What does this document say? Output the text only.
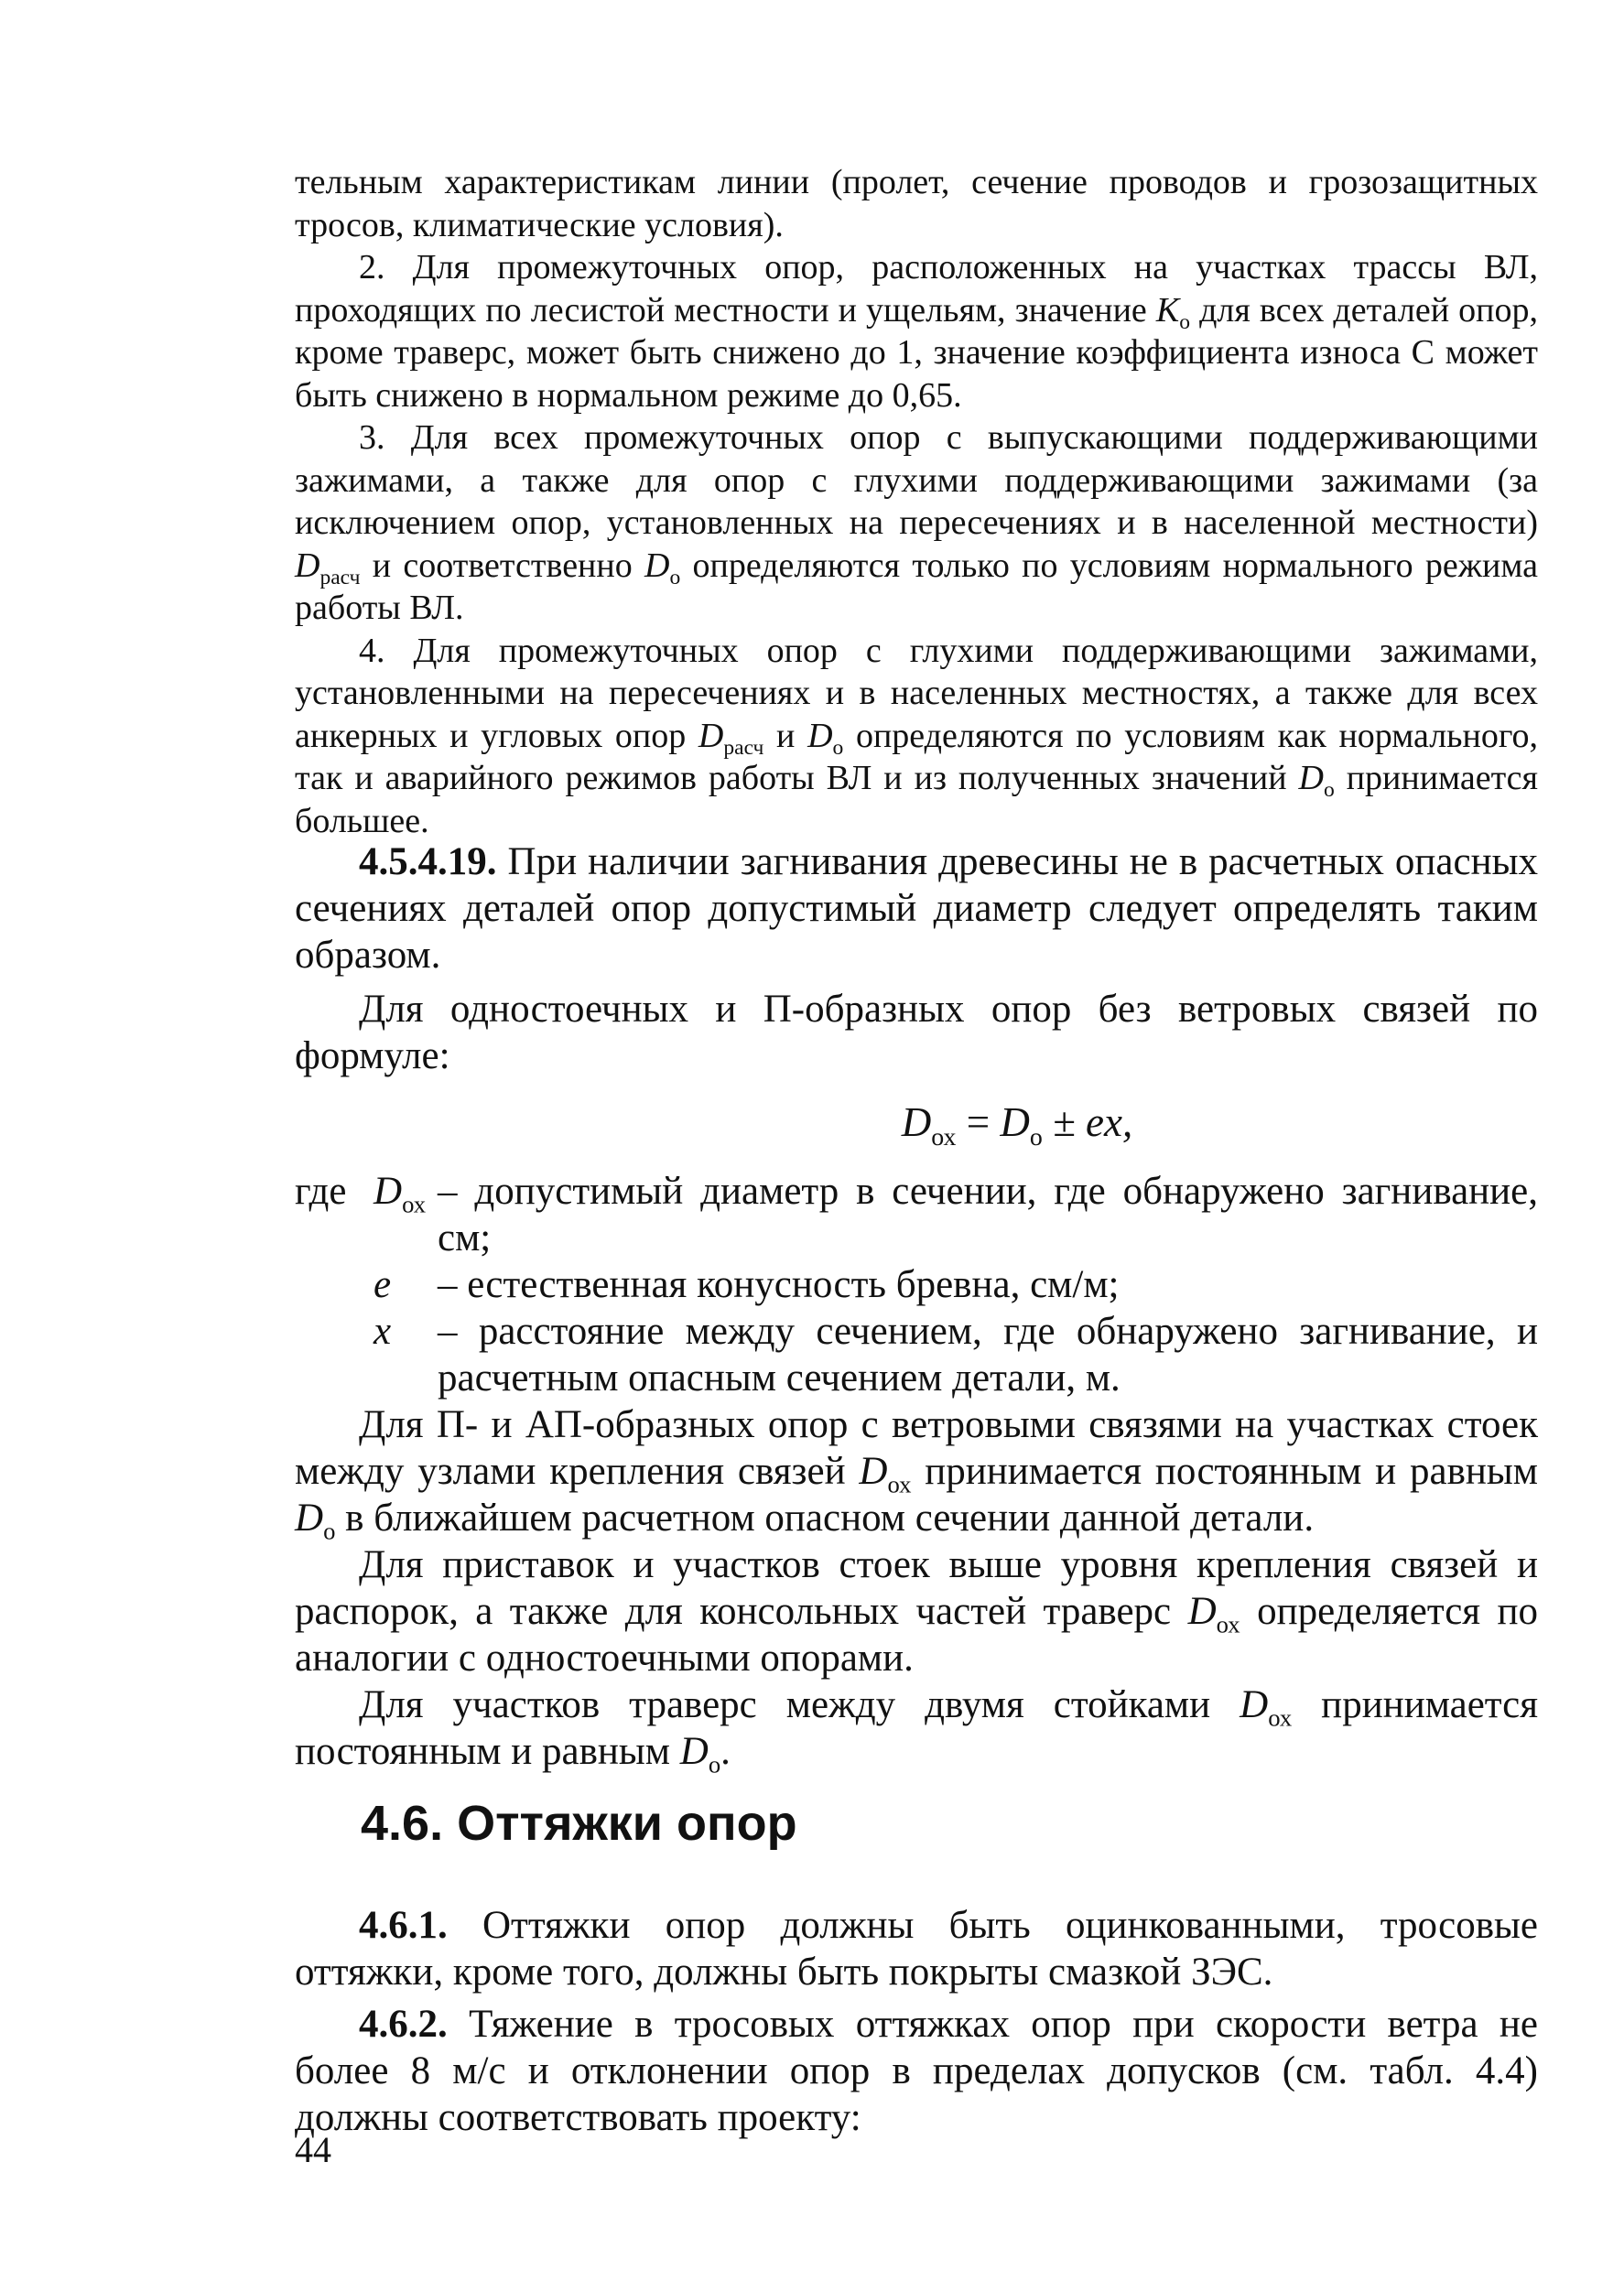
тельным характеристикам линии (пролет, сечение проводов и грозозащитных тросов, климатические условия).

2. Для промежуточных опор, расположенных на участках трассы ВЛ, проходящих по лесистой местности и ущельям, значение $K_о$ для всех деталей опор, кроме траверс, может быть снижено до 1, значение коэффициента износа С может быть снижено в нормальном режиме до 0,65.

3. Для всех промежуточных опор с выпускающими поддерживающими зажимами, а также для опор с глухими поддерживающими зажимами (за исключением опор, установленных на пересечениях и в населенной местности) $D_{расч}$ и соответственно $D_о$ определяются только по условиям нормального режима работы ВЛ.

4. Для промежуточных опор с глухими поддерживающими зажимами, установленными на пересечениях и в населенных местностях, а также для всех анкерных и угловых опор $D_{расч}$ и $D_о$ определяются по условиям как нормального, так и аварийного режимов работы ВЛ и из полученных значений $D_о$ принимается большее.

4.5.4.19. При наличии загнивания древесины не в расчетных опасных сечениях деталей опор допустимый диаметр следует определять таким образом.

Для одностоечных и П-образных опор без ветровых связей по формуле:

$D_{ох} = D_о$ ± ex,

где $D_{ох}$ – допустимый диаметр в сечении, где обнаружено загнивание, см;
e	– естественная конусность бревна, см/м;
x	– расстояние между сечением, где обнаружено загнивание, и расчетным опасным сечением детали, м.

Для П- и АП-образных опор с ветровыми связями на участках стоек между узлами крепления связей $D_{ох}$ принимается постоянным и равным $D_о$ в ближайшем расчетном опасном сечении данной детали.

Для приставок и участков стоек выше уровня крепления связей и распорок, а также для консольных частей траверс $D_{ох}$ определяется по аналогии с одностоечными опорами.

Для участков траверс между двумя стойками $D_{ох}$ принимается постоянным и равным $D_о$.

4.6. Оттяжки опор

4.6.1. Оттяжки опор должны быть оцинкованными, тросовые оттяжки, кроме того, должны быть покрыты смазкой ЗЭС.

4.6.2. Тяжение в тросовых оттяжках опор при скорости ветра не более 8 м/с и отклонении опор в пределах допусков (см. табл. 4.4) должны соответствовать проекту:

44
